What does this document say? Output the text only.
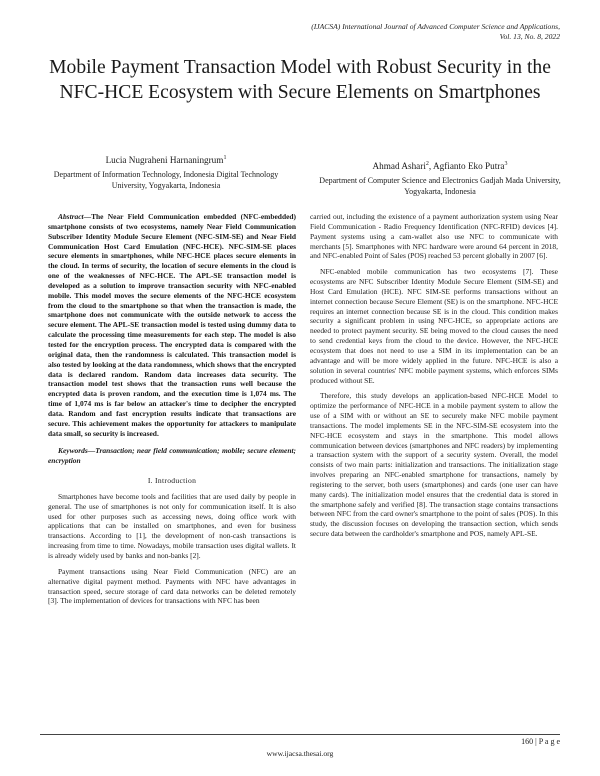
(IJACSA) International Journal of Advanced Computer Science and Applications,
Vol. 13, No. 8, 2022
Mobile Payment Transaction Model with Robust Security in the NFC-HCE Ecosystem with Secure Elements on Smartphones
Lucia Nugraheni Harnaningrum$^1$
Department of Information Technology, Indonesia Digital Technology University, Yogyakarta, Indonesia
Ahmad Ashari$^2$, Agfianto Eko Putra$^3$
Department of Computer Science and Electronics Gadjah Mada University, Yogyakarta, Indonesia

Abstract—The Near Field Communication embedded (NFC-embedded) smartphone consists of two ecosystems, namely Near Field Communication Subscriber Identity Module Secure Element (NFC-SIM-SE) and Near Field Communication Host Card Emulation (NFC-HCE). NFC-SIM-SE places secure elements in smartphones, while NFC-HCE places secure elements in the cloud. In terms of security, the location of secure elements in the cloud is one of the weaknesses of NFC-HCE. The APL-SE transaction model is developed as a solution to improve transaction security with NFC-enabled mobile. This model moves the secure elements of the NFC-HCE ecosystem from the cloud to the smartphone so that when the transaction is made, the smartphone does not communicate with the outside network to access the secure element. The APL-SE transaction model is tested using dummy data to calculate the processing time measurements for each step. The model is also tested for the encryption process. The encrypted data is compared with the original data, then the randomness is calculated. This transaction model is also tested by looking at the data randomness, which shows that the encrypted data is declared random. Random data increases data security. The transaction model test shows that the transaction runs well because the encrypted data is proven random, and the execution time is 1,074 ms. The time of 1,074 ms is far below an attacker's time to decipher the encrypted data. Random and fast encryption results indicate that transactions are secure. This achievement makes the opportunity for attackers to manipulate data small, so security is increased.

Keywords—Transaction; near field communication; mobile; secure element; encryption

I. Introduction

Smartphones have become tools and facilities that are used daily by people in general. The use of smartphones is not only for communication itself. It is also used for other purposes such as accessing news, doing office work with applications that can be installed on smartphones, and even for business transactions. According to [1], the development of non-cash transactions is increasing from time to time. Nowadays, mobile transaction uses digital wallets. It is already widely used by banks and non-banks [2].

Payment transactions using Near Field Communication (NFC) are an alternative digital payment method. Payments with NFC have advantages in transaction speed, secure storage of card data networks can be deleted remotely [3]. The implementation of devices for transactions with NFC has been

carried out, including the existence of a payment authorization system using Near Field Communication - Radio Frequency Identification (NFC-RFID) devices [4]. Payment systems using a cam-wallet also use NFC to communicate with merchants [5]. Smartphones with NFC hardware were around 64 percent in 2018, and NFC-enabled Point of Sales (POS) reached 53 percent globally in 2007 [6].

NFC-enabled mobile communication has two ecosystems [7]. These ecosystems are NFC Subscriber Identity Module Secure Element (SIM-SE) and Host Card Emulation (HCE). NFC SIM-SE performs transactions without an internet connection because Secure Element (SE) is on the smartphone. NFC-HCE requires an internet connection because SE is in the cloud. This condition makes security a significant problem in using NFC-HCE, so appropriate actions are needed to protect payment security. SE being moved to the cloud causes the need to send credential keys from the cloud to the device. However, the NFC-HCE ecosystem that does not need to use a SIM in its implementation can be an advantage and will be more widely applied in the future. NFC-HCE is also a solution in several countries' NFC mobile payment systems, which enforces SIMs produced without SE.

Therefore, this study develops an application-based NFC-HCE Model to optimize the performance of NFC-HCE in a mobile payment system to allow the use of a SIM with or without an SE to securely make NFC mobile payment transactions. The model implements SE in the NFC-SIM-SE ecosystem into the NFC-HCE ecosystem and stays in the smartphone. This model allows communication between devices (smartphones and NFC readers) by implementing a transaction system with the support of a security system. Overall, the model consists of two main parts: initialization and transactions. The initialization stage involves preparing an NFC-enabled smartphone for transactions, namely by registering to the server, both users (smartphones) and cards (one user can have many cards). The initialization model ensures that the credential data is stored in the smartphone safely and verified [8]. The transaction stage contains transactions between NFC from the card owner's smartphone to the point of sales (POS). In this study, the discussion focuses on developing the transaction section, which sends secure data between the cardholder's smartphone and POS, namely APL-SE.

160 | P a g e
www.ijacsa.thesai.org
